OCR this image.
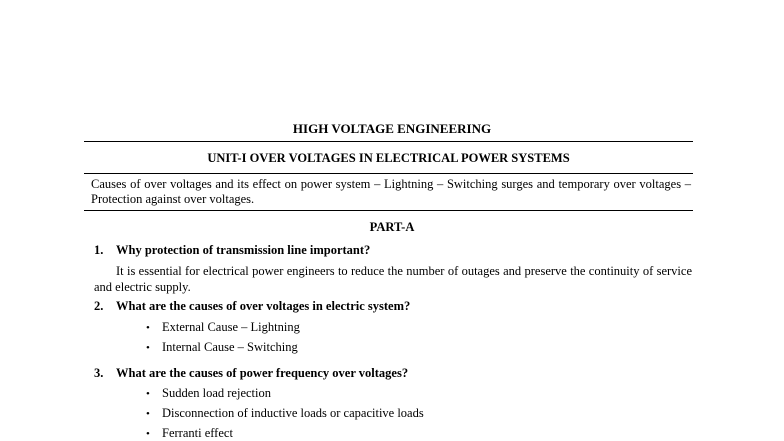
HIGH VOLTAGE ENGINEERING
UNIT-I OVER VOLTAGES IN ELECTRICAL POWER SYSTEMS
Causes of over voltages and its effect on power system – Lightning – Switching surges and temporary over voltages – Protection against over voltages.
PART-A
1. Why protection of transmission line important?
It is essential for electrical power engineers to reduce the number of outages and preserve the continuity of service and electric supply.
2. What are the causes of over voltages in electric system?
• External Cause – Lightning
• Internal Cause – Switching
3. What are the causes of power frequency over voltages?
• Sudden load rejection
• Disconnection of inductive loads or capacitive loads
• Ferranti effect
